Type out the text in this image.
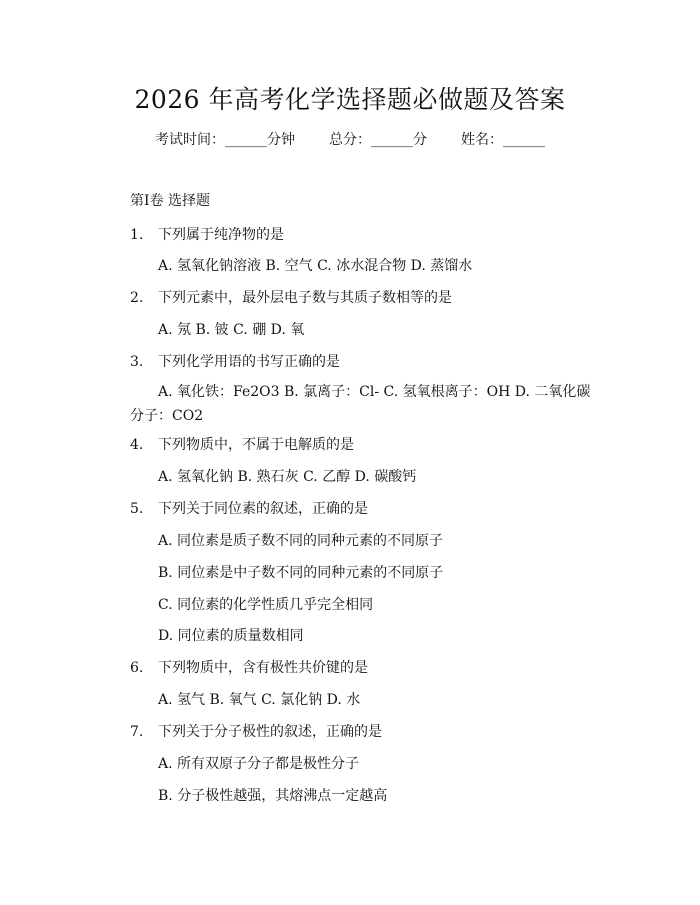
2026 年高考化学选择题必做题及答案
考试时间：______分钟 总分：______分 姓名：______
第Ⅰ卷 选择题
1. 下列属于纯净物的是
A. 氢氧化钠溶液 B. 空气 C. 冰水混合物 D. 蒸馏水
2. 下列元素中，最外层电子数与其质子数相等的是
A. 氖 B. 铍 C. 硼 D. 氧
3. 下列化学用语的书写正确的是
A. 氧化铁：Fe2O3 B. 氯离子：Cl- C. 氢氧根离子：OH D. 二氧化碳分子：CO2
4. 下列物质中，不属于电解质的是
A. 氢氧化钠 B. 熟石灰 C. 乙醇 D. 碳酸钙
5. 下列关于同位素的叙述，正确的是
A. 同位素是质子数不同的同种元素的不同原子
B. 同位素是中子数不同的同种元素的不同原子
C. 同位素的化学性质几乎完全相同
D. 同位素的质量数相同
6. 下列物质中，含有极性共价键的是
A. 氢气 B. 氧气 C. 氯化钠 D. 水
7. 下列关于分子极性的叙述，正确的是
A. 所有双原子分子都是极性分子
B. 分子极性越强，其熔沸点一定越高
